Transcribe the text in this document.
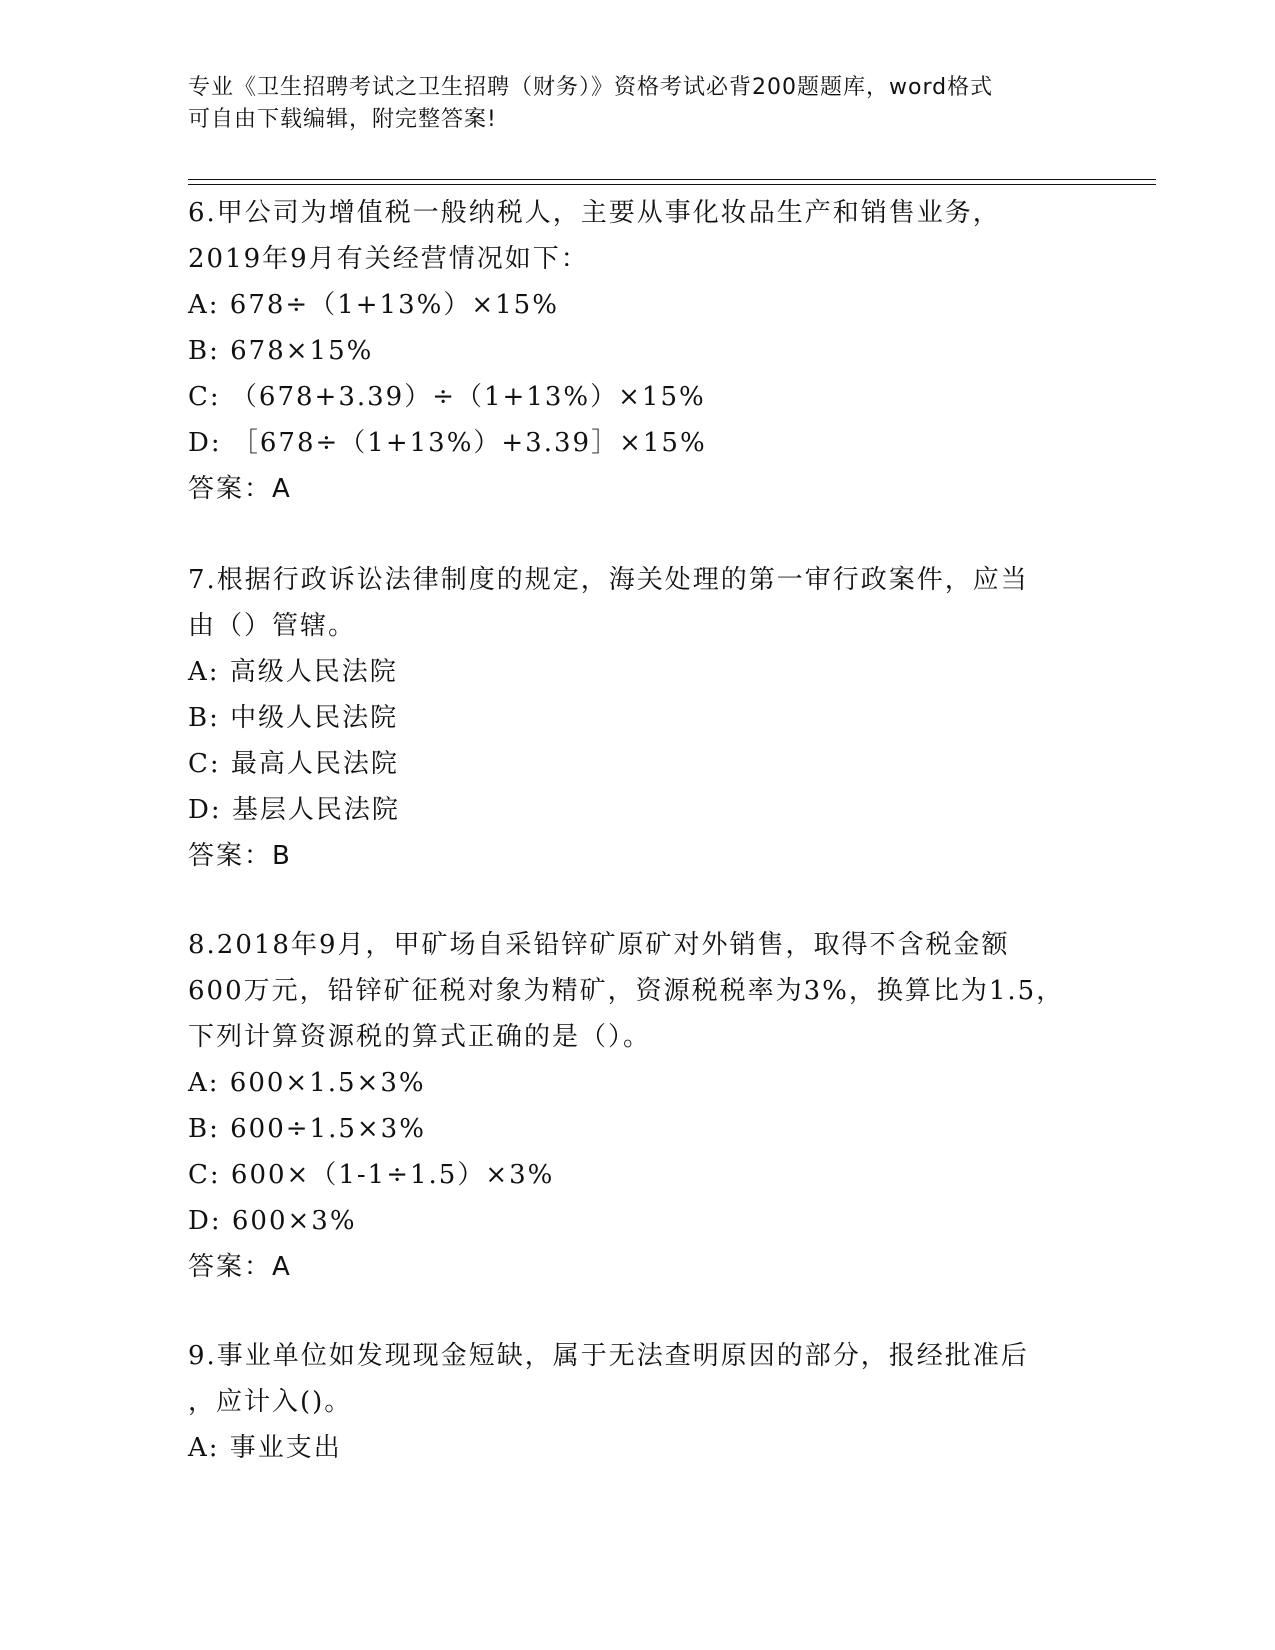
专业《卫生招聘考试之卫生招聘（财务）》资格考试必背200题题库，word格式
可自由下载编辑，附完整答案!
6.甲公司为增值税一般纳税人，主要从事化妆品生产和销售业务，
2019年9月有关经营情况如下：
A: 678÷（1+13%）×15%
B: 678×15%
C: （678+3.39）÷（1+13%）×15%
D: ［678÷（1+13%）+3.39］×15%
答案：A
7.根据行政诉讼法律制度的规定，海关处理的第一审行政案件，应当
由（）管辖。
A: 高级人民法院
B: 中级人民法院
C: 最高人民法院
D: 基层人民法院
答案：B
8.2018年9月，甲矿场自采铅锌矿原矿对外销售，取得不含税金额
600万元，铅锌矿征税对象为精矿，资源税税率为3%，换算比为1.5，
下列计算资源税的算式正确的是（）。
A: 600×1.5×3%
B: 600÷1.5×3%
C: 600×（1-1÷1.5）×3%
D: 600×3%
答案：A
9.事业单位如发现现金短缺，属于无法查明原因的部分，报经批准后
，应计入()。
A: 事业支出
